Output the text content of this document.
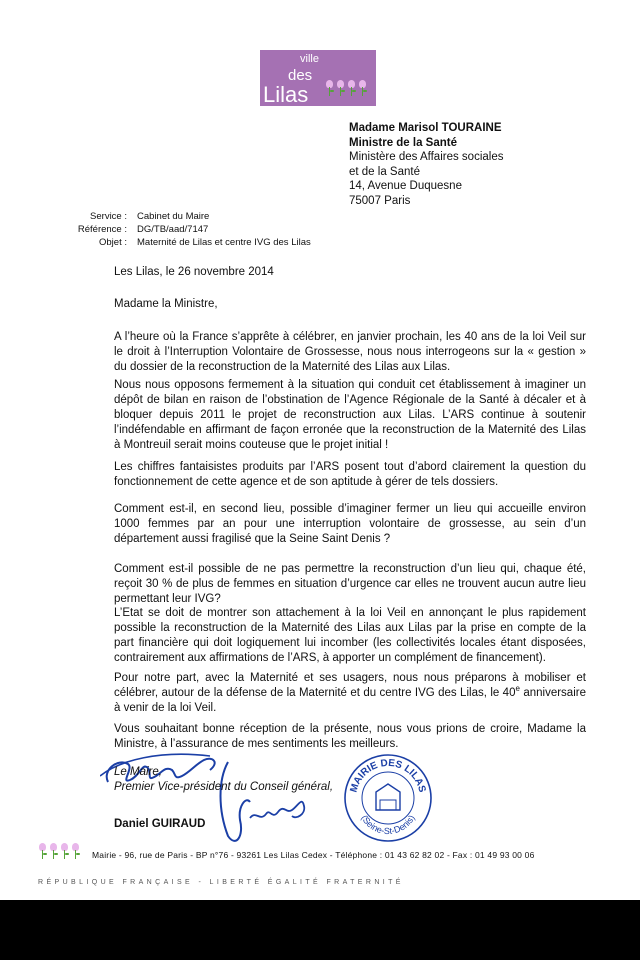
ville
des
Lilas
Madame Marisol TOURAINE
Ministre de la Santé
Ministère des Affaires sociales
et de la Santé
14, Avenue Duquesne
75007 Paris
Service :
Référence :
Objet :
Cabinet du Maire
DG/TB/aad/7147
Maternité de Lilas et centre IVG des Lilas
Les Lilas, le 26 novembre 2014
Madame la Ministre,
A l’heure où la France s’apprête à célébrer, en janvier prochain, les 40 ans de la loi Veil sur le droit à l’Interruption Volontaire de Grossesse, nous nous interrogeons sur la « gestion » du dossier de la reconstruction de la Maternité des Lilas aux Lilas.
Nous nous opposons fermement à la situation qui conduit cet établissement à imaginer un dépôt de bilan en raison de l’obstination de l’Agence Régionale de la Santé à décaler et à bloquer depuis 2011 le projet de reconstruction aux Lilas. L’ARS continue à soutenir l’indéfendable en affirmant de façon erronée que la reconstruction de la Maternité des Lilas à Montreuil serait moins couteuse que le projet initial !
Les chiffres fantaisistes produits par l’ARS posent tout d’abord clairement la question du fonctionnement de cette agence et de son aptitude à gérer de tels dossiers.
Comment est-il, en second lieu, possible d’imaginer fermer un lieu qui accueille environ 1000 femmes par an pour une interruption volontaire de grossesse, au sein d’un département aussi fragilisé que la Seine Saint Denis ?
Comment est-il possible de ne pas permettre la reconstruction d’un lieu qui, chaque été, reçoit 30 % de plus de femmes en situation d’urgence car elles ne trouvent aucun autre lieu permettant leur IVG?
L’Etat se doit de montrer son attachement à la loi Veil en annonçant le plus rapidement possible la reconstruction de la Maternité des Lilas aux Lilas par la prise en compte de la part financière qui doit logiquement lui incomber (les collectivités locales étant disposées, contrairement aux affirmations de l’ARS, à apporter un complément de financement).
Pour notre part, avec la Maternité et ses usagers, nous nous préparons à mobiliser et célébrer, autour de la défense de la Maternité et du centre IVG des Lilas, le 40e anniversaire à venir de la loi Veil.
Vous souhaitant bonne réception de la présente, nous vous prions de croire, Madame la Ministre, à l’assurance de mes sentiments les meilleurs.
MAIRIE DES LILAS
(Seine-St-Denis)
Le Maire,
Premier Vice-président du Conseil général,
Daniel GUIRAUD
Mairie - 96, rue de Paris - BP n°76 - 93261 Les Lilas Cedex - Téléphone : 01 43 62 82 02 - Fax : 01 49 93 00 06
RÉPUBLIQUE FRANÇAISE - LIBERTÉ ÉGALITÉ FRATERNITÉ
